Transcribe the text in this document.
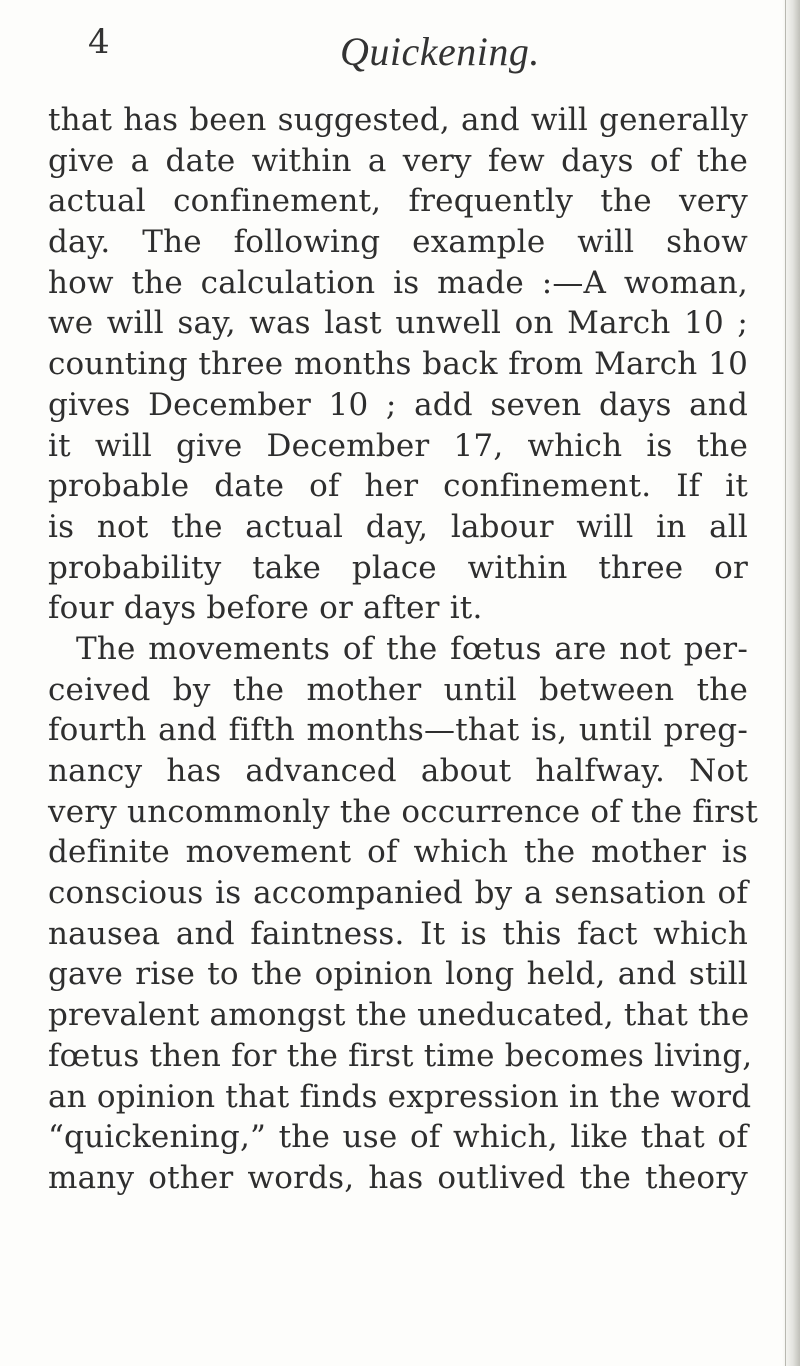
4	Quickening.
that has been suggested, and will generally
give a date within a very few days of the
actual confinement, frequently the very
day. The following example will show
how the calculation is made :—A woman,
we will say, was last unwell on March 10 ;
counting three months back from March 10
gives December 10 ; add seven days and
it will give December 17, which is the
probable date of her confinement. If it
is not the actual day, labour will in all
probability take place within three or
four days before or after it.
The movements of the fœtus are not per-
ceived by the mother until between the
fourth and fifth months—that is, until preg-
nancy has advanced about halfway. Not
very uncommonly the occurrence of the first
definite movement of which the mother is
conscious is accompanied by a sensation of
nausea and faintness. It is this fact which
gave rise to the opinion long held, and still
prevalent amongst the uneducated, that the
fœtus then for the first time becomes living,
an opinion that finds expression in the word
“quickening,” the use of which, like that of
many other words, has outlived the theory
